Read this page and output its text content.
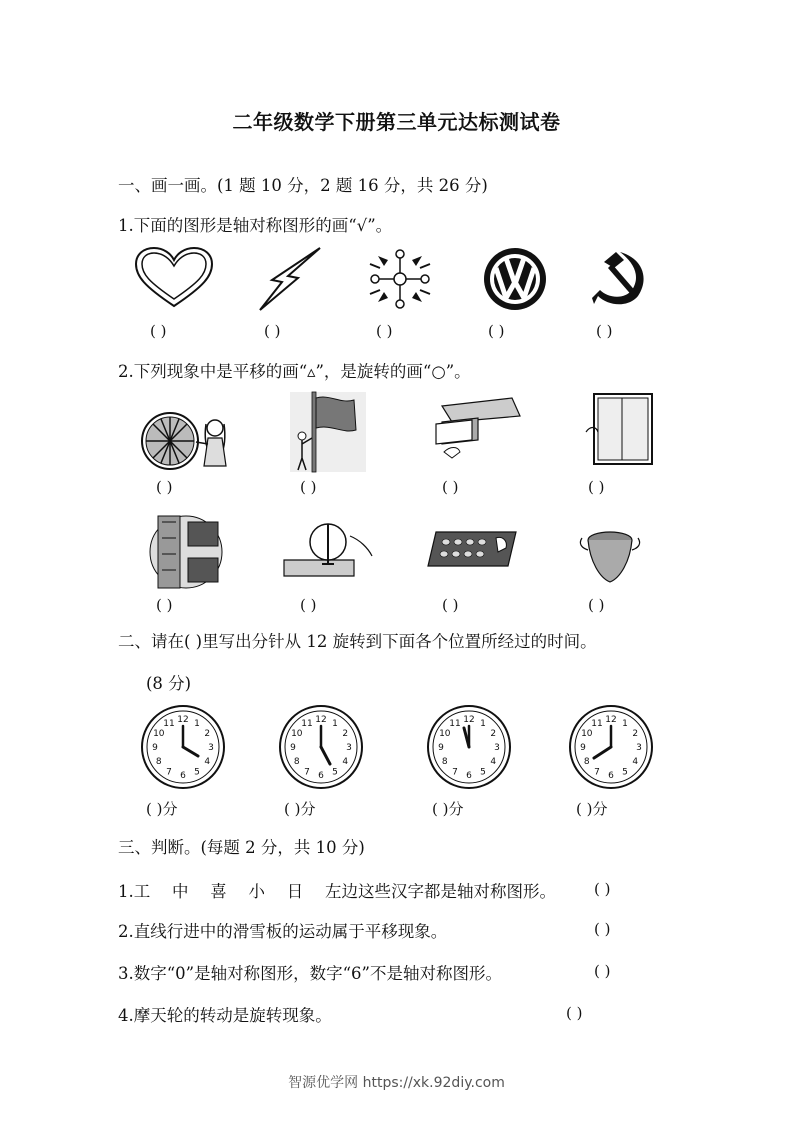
二年级数学下册第三单元达标测试卷
一、画一画。(1 题 10 分，2 题 16 分，共 26 分)
1.下面的图形是轴对称图形的画“√”。
( )	( )	( )	( )	( )
2.下列现象中是平移的画“▵”，是旋转的画“○”。
( )	( )	( )	( )
( )	( )	( )	( )
二、请在( )里写出分针从 12 旋转到下面各个位置所经过的时间。
(8 分)
12 1
2
3
4
5
6
7
8
9
10
11	12 1
2
3
4
5
6
7
8
9
10
11	12 1
2
3
4
5
6
7
8
9
10
11	12 1
2
3
4
5
6
7
8
9
10
11
( )分	( )分	( )分	( )分
三、判断。(每题 2 分，共 10 分)
1.工　 中　 喜　 小　 日　 左边这些汉字都是轴对称图形。	( )
2.直线行进中的滑雪板的运动属于平移现象。	( )
3.数字“0”是轴对称图形，数字“6”不是轴对称图形。	( )
4.摩天轮的转动是旋转现象。	( )
智源优学网 https://xk.92diy.com
